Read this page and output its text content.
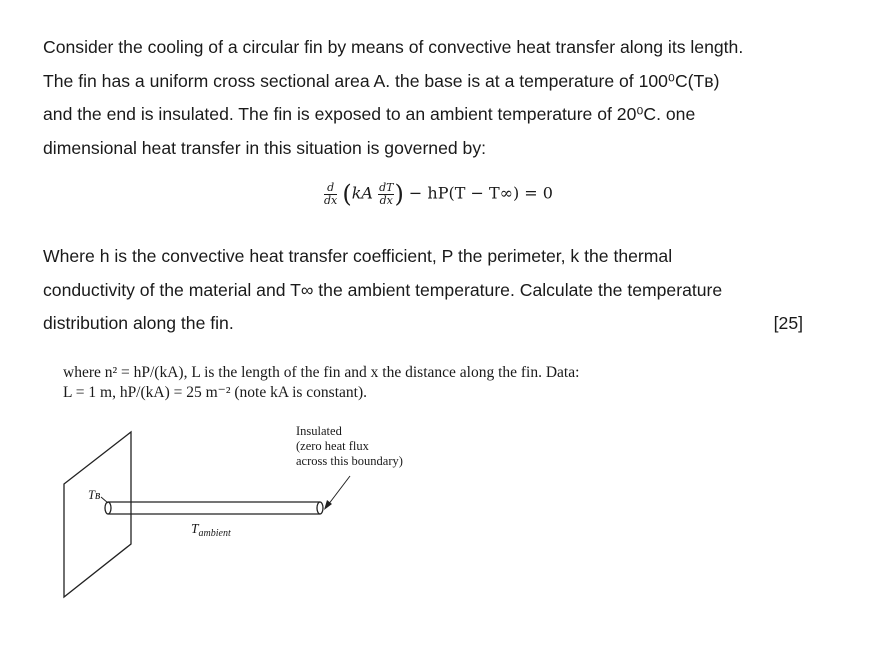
Consider the cooling of a circular fin by means of convective heat transfer along its length.
The fin has a uniform cross sectional area A. the base is at a temperature of 100⁰C(Tʙ)
and the end is insulated. The fin is exposed to an ambient temperature of 20⁰C. one
dimensional heat transfer in this situation is governed by:
$\frac{d}{dx} (kA \frac{dT}{dx}$ ) − hP(T − T∞) = 0
Where h is the convective heat transfer coefficient, P the perimeter, k the thermal
conductivity of the material and T∞ the ambient temperature. Calculate the temperature
distribution along the fin.	[25]
where n² = hP/(kA), L is the length of the fin and x the distance along the fin. Data:
L = 1 m, hP/(kA) = 25 m⁻² (note kA is constant).
Insulated
(zero heat flux
across this boundary)
Tʙ
$T_{ambient}$
